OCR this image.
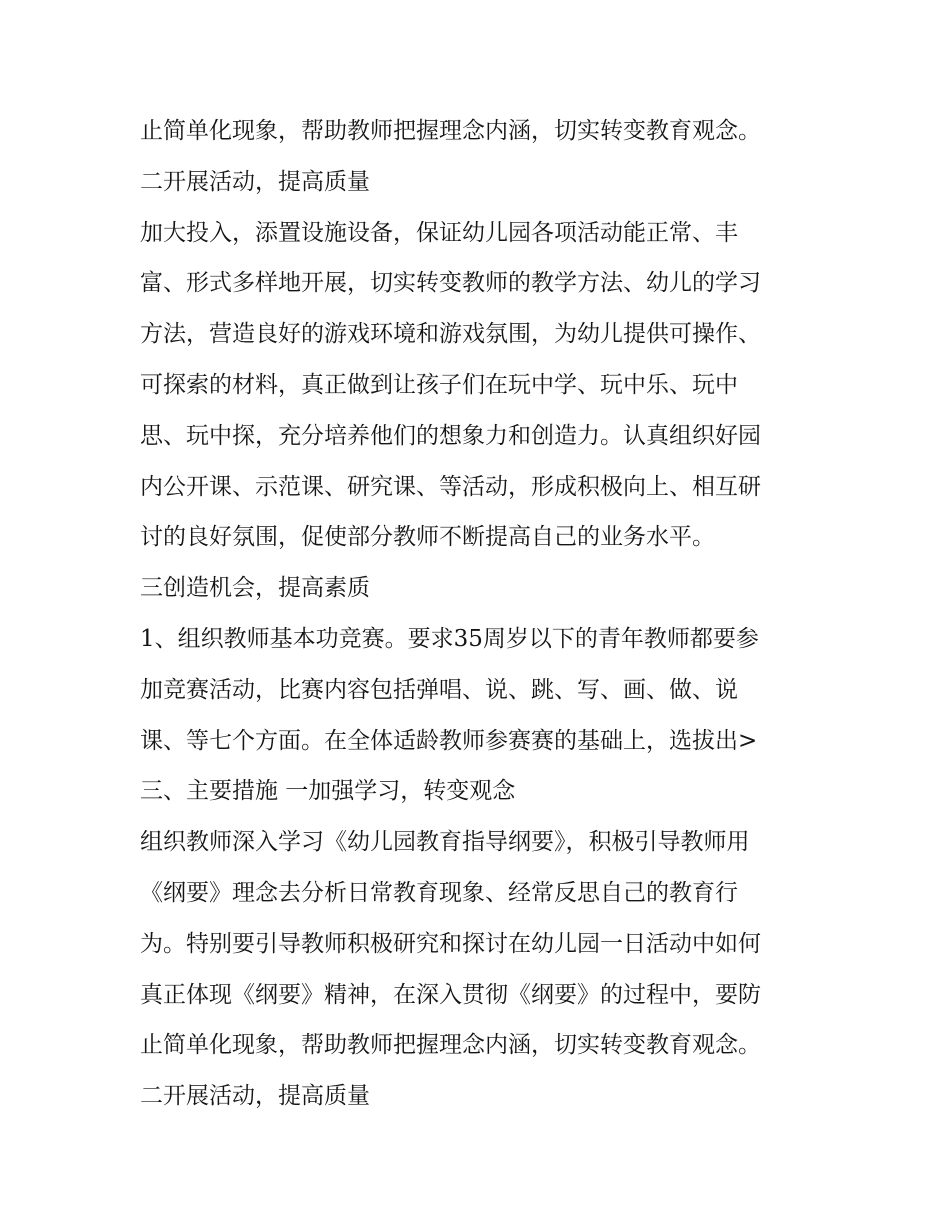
止简单化现象，帮助教师把握理念内涵，切实转变教育观念。
二开展活动，提高质量
加大投入，添置设施设备，保证幼儿园各项活动能正常、丰
富、形式多样地开展，切实转变教师的教学方法、幼儿的学习
方法，营造良好的游戏环境和游戏氛围，为幼儿提供可操作、
可探索的材料，真正做到让孩子们在玩中学、玩中乐、玩中
思、玩中探，充分培养他们的想象力和创造力。认真组织好园
内公开课、示范课、研究课、等活动，形成积极向上、相互研
讨的良好氛围，促使部分教师不断提高自己的业务水平。
三创造机会，提高素质
1、组织教师基本功竞赛。要求35周岁以下的青年教师都要参
加竞赛活动，比赛内容包括弹唱、说、跳、写、画、做、说
课、等七个方面。在全体适龄教师参赛赛的基础上，选拔出>
三、主要措施 一加强学习，转变观念
组织教师深入学习《幼儿园教育指导纲要》，积极引导教师用
《纲要》理念去分析日常教育现象、经常反思自己的教育行
为。特别要引导教师积极研究和探讨在幼儿园一日活动中如何
真正体现《纲要》精神，在深入贯彻《纲要》的过程中，要防
止简单化现象，帮助教师把握理念内涵，切实转变教育观念。
二开展活动，提高质量
